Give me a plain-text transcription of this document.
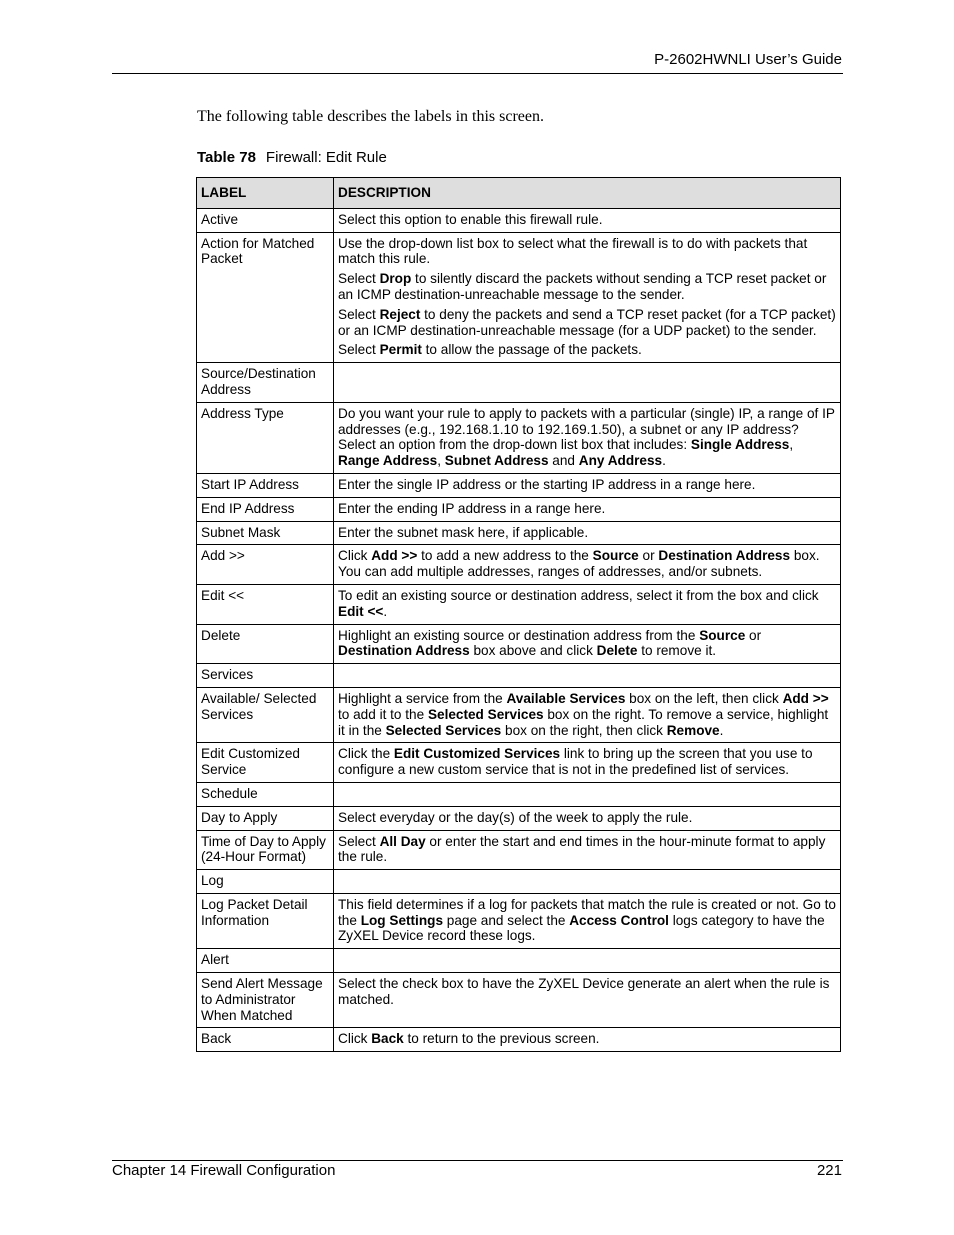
P-2602HWNLI User’s Guide
The following table describes the labels in this screen.
Table 78 Firewall: Edit Rule
LABEL	DESCRIPTION
Active	Select this option to enable this firewall rule.

Action for Matched Packet	Use the drop-down list box to select what the firewall is to do with packets that match this rule.

Select Drop to silently discard the packets without sending a TCP reset packet or an ICMP destination-unreachable message to the sender.

Select Reject to deny the packets and send a TCP reset packet (for a TCP packet) or an ICMP destination-unreachable message (for a UDP packet) to the sender.

Select Permit to allow the passage of the packets.

Source/Destination Address	
Address Type	Do you want your rule to apply to packets with a particular (single) IP, a range of IP addresses (e.g., 192.168.1.10 to 192.169.1.50), a subnet or any IP address? Select an option from the drop-down list box that includes: Single Address, Range Address, Subnet Address and Any Address.

Start IP Address	Enter the single IP address or the starting IP address in a range here.

End IP Address	Enter the ending IP address in a range here.

Subnet Mask	Enter the subnet mask here, if applicable.

Add >>	Click Add >> to add a new address to the Source or Destination Address box. You can add multiple addresses, ranges of addresses, and/or subnets.

Edit <<	To edit an existing source or destination address, select it from the box and click Edit <<.

Delete	Highlight an existing source or destination address from the Source or Destination Address box above and click Delete to remove it.

Services	
Available/ Selected Services	Highlight a service from the Available Services box on the left, then click Add >> to add it to the Selected Services box on the right. To remove a service, highlight it in the Selected Services box on the right, then click Remove.

Edit Customized Service	Click the Edit Customized Services link to bring up the screen that you use to configure a new custom service that is not in the predefined list of services.

Schedule	
Day to Apply	Select everyday or the day(s) of the week to apply the rule.

Time of Day to Apply (24-Hour Format)	Select All Day or enter the start and end times in the hour-minute format to apply the rule.

Log	
Log Packet Detail Information	This field determines if a log for packets that match the rule is created or not. Go to the Log Settings page and select the Access Control logs category to have the ZyXEL Device record these logs.

Alert	
Send Alert Message to Administrator When Matched	Select the check box to have the ZyXEL Device generate an alert when the rule is matched.

Back	Click Back to return to the previous screen.

Chapter 14 Firewall Configuration	221
